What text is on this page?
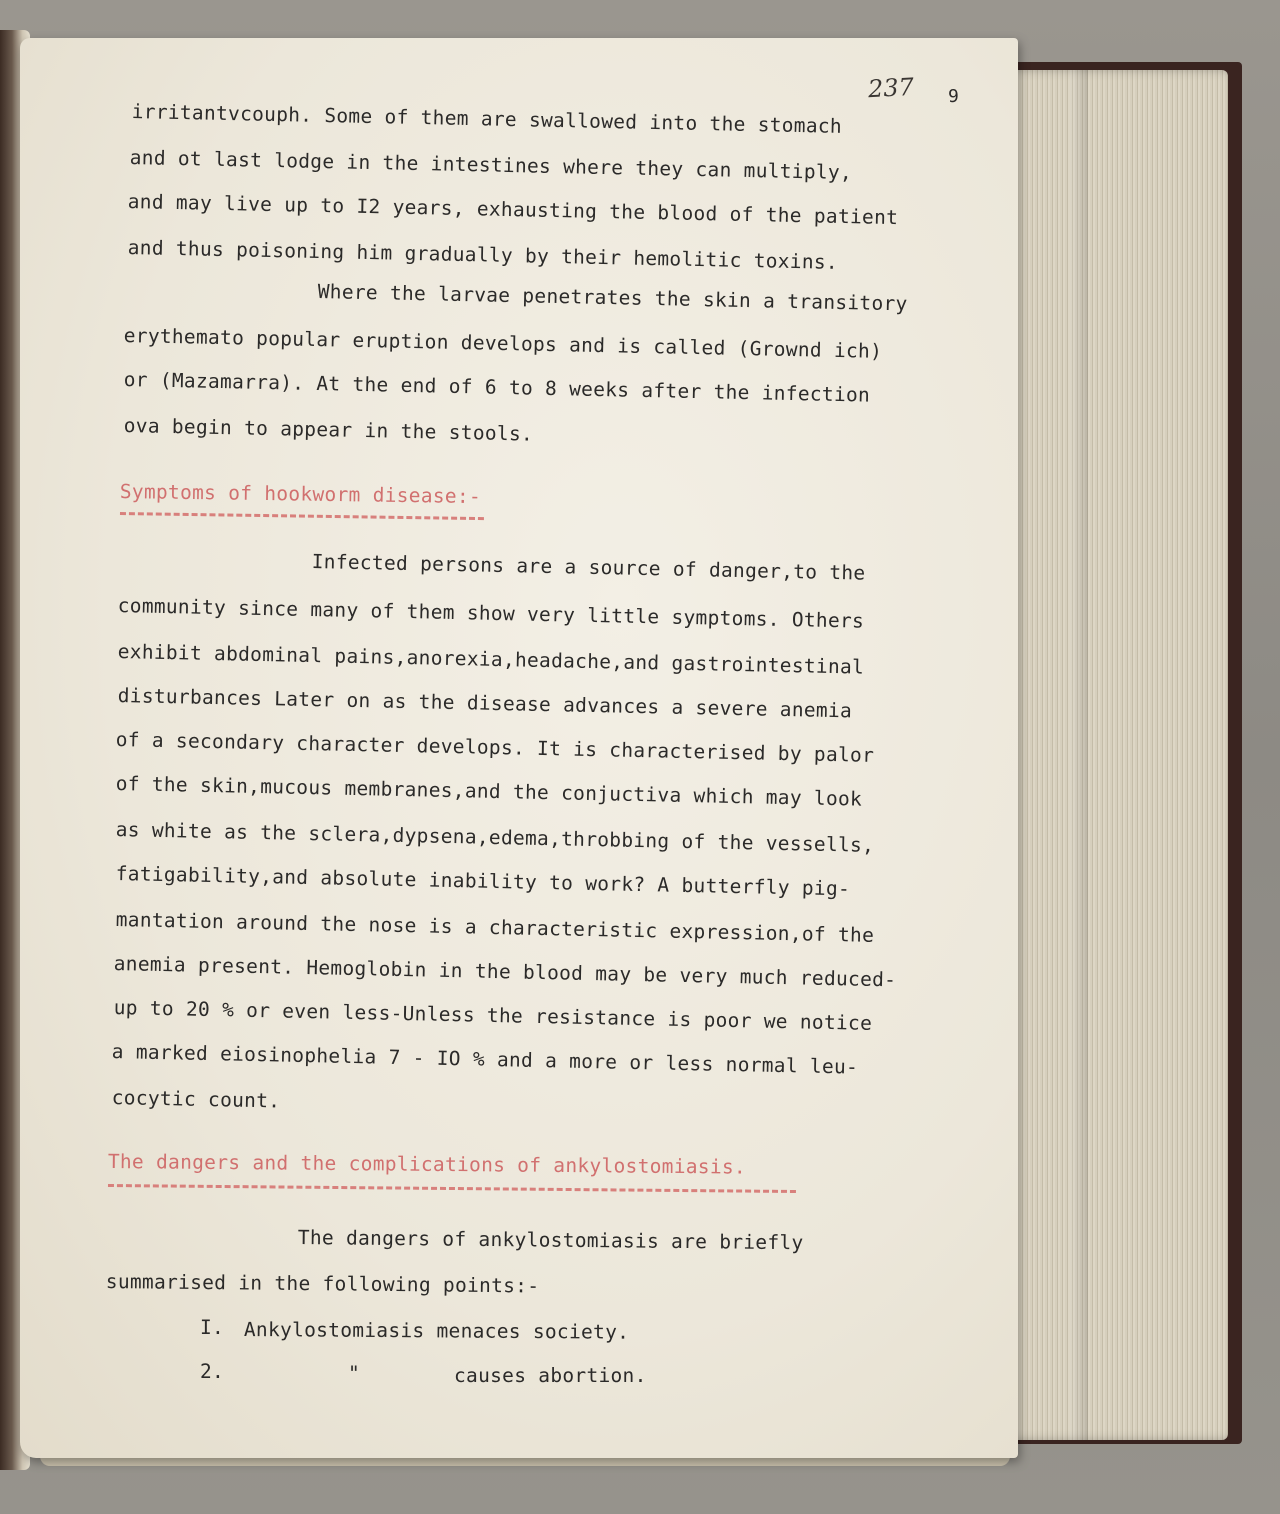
237 9
irritantvcouph. Some of them are swallowed into the stomach
and ot last lodge in the intestines where they can multiply,
and may live up to I2 years, exhausting the blood of the patient
and thus poisoning him gradually by their hemolitic toxins.
Where the larvae penetrates the skin a transitory
erythemato popular eruption develops and is called (Grownd ich)
or (Mazamarra). At the end of 6 to 8 weeks after the infection
ova begin to appear in the stools.
Symptoms of hookworm disease:-
Infected persons are a source of danger,to the
community since many of them show very little symptoms. Others
exhibit abdominal pains,anorexia,headache,and gastrointestinal
disturbances Later on as the disease advances a severe anemia
of a secondary character develops. It is characterised by palor
of the skin,mucous membranes,and the conjuctiva which may look
as white as the sclera,dypsena,edema,throbbing of the vessells,
fatigability,and absolute inability to work? A butterfly pig-
mantation around the nose is a characteristic expression,of the
anemia present. Hemoglobin in the blood may be very much reduced-
up to 20 % or even less-Unless the resistance is poor we notice
a marked eiosinophelia 7 - IO % and a more or less normal leu-
cocytic count.
The dangers and the complications of ankylostomiasis.
The dangers of ankylostomiasis are briefly
summarised in the following points:-
I. Ankylostomiasis menaces society.
2.	"	causes abortion.
